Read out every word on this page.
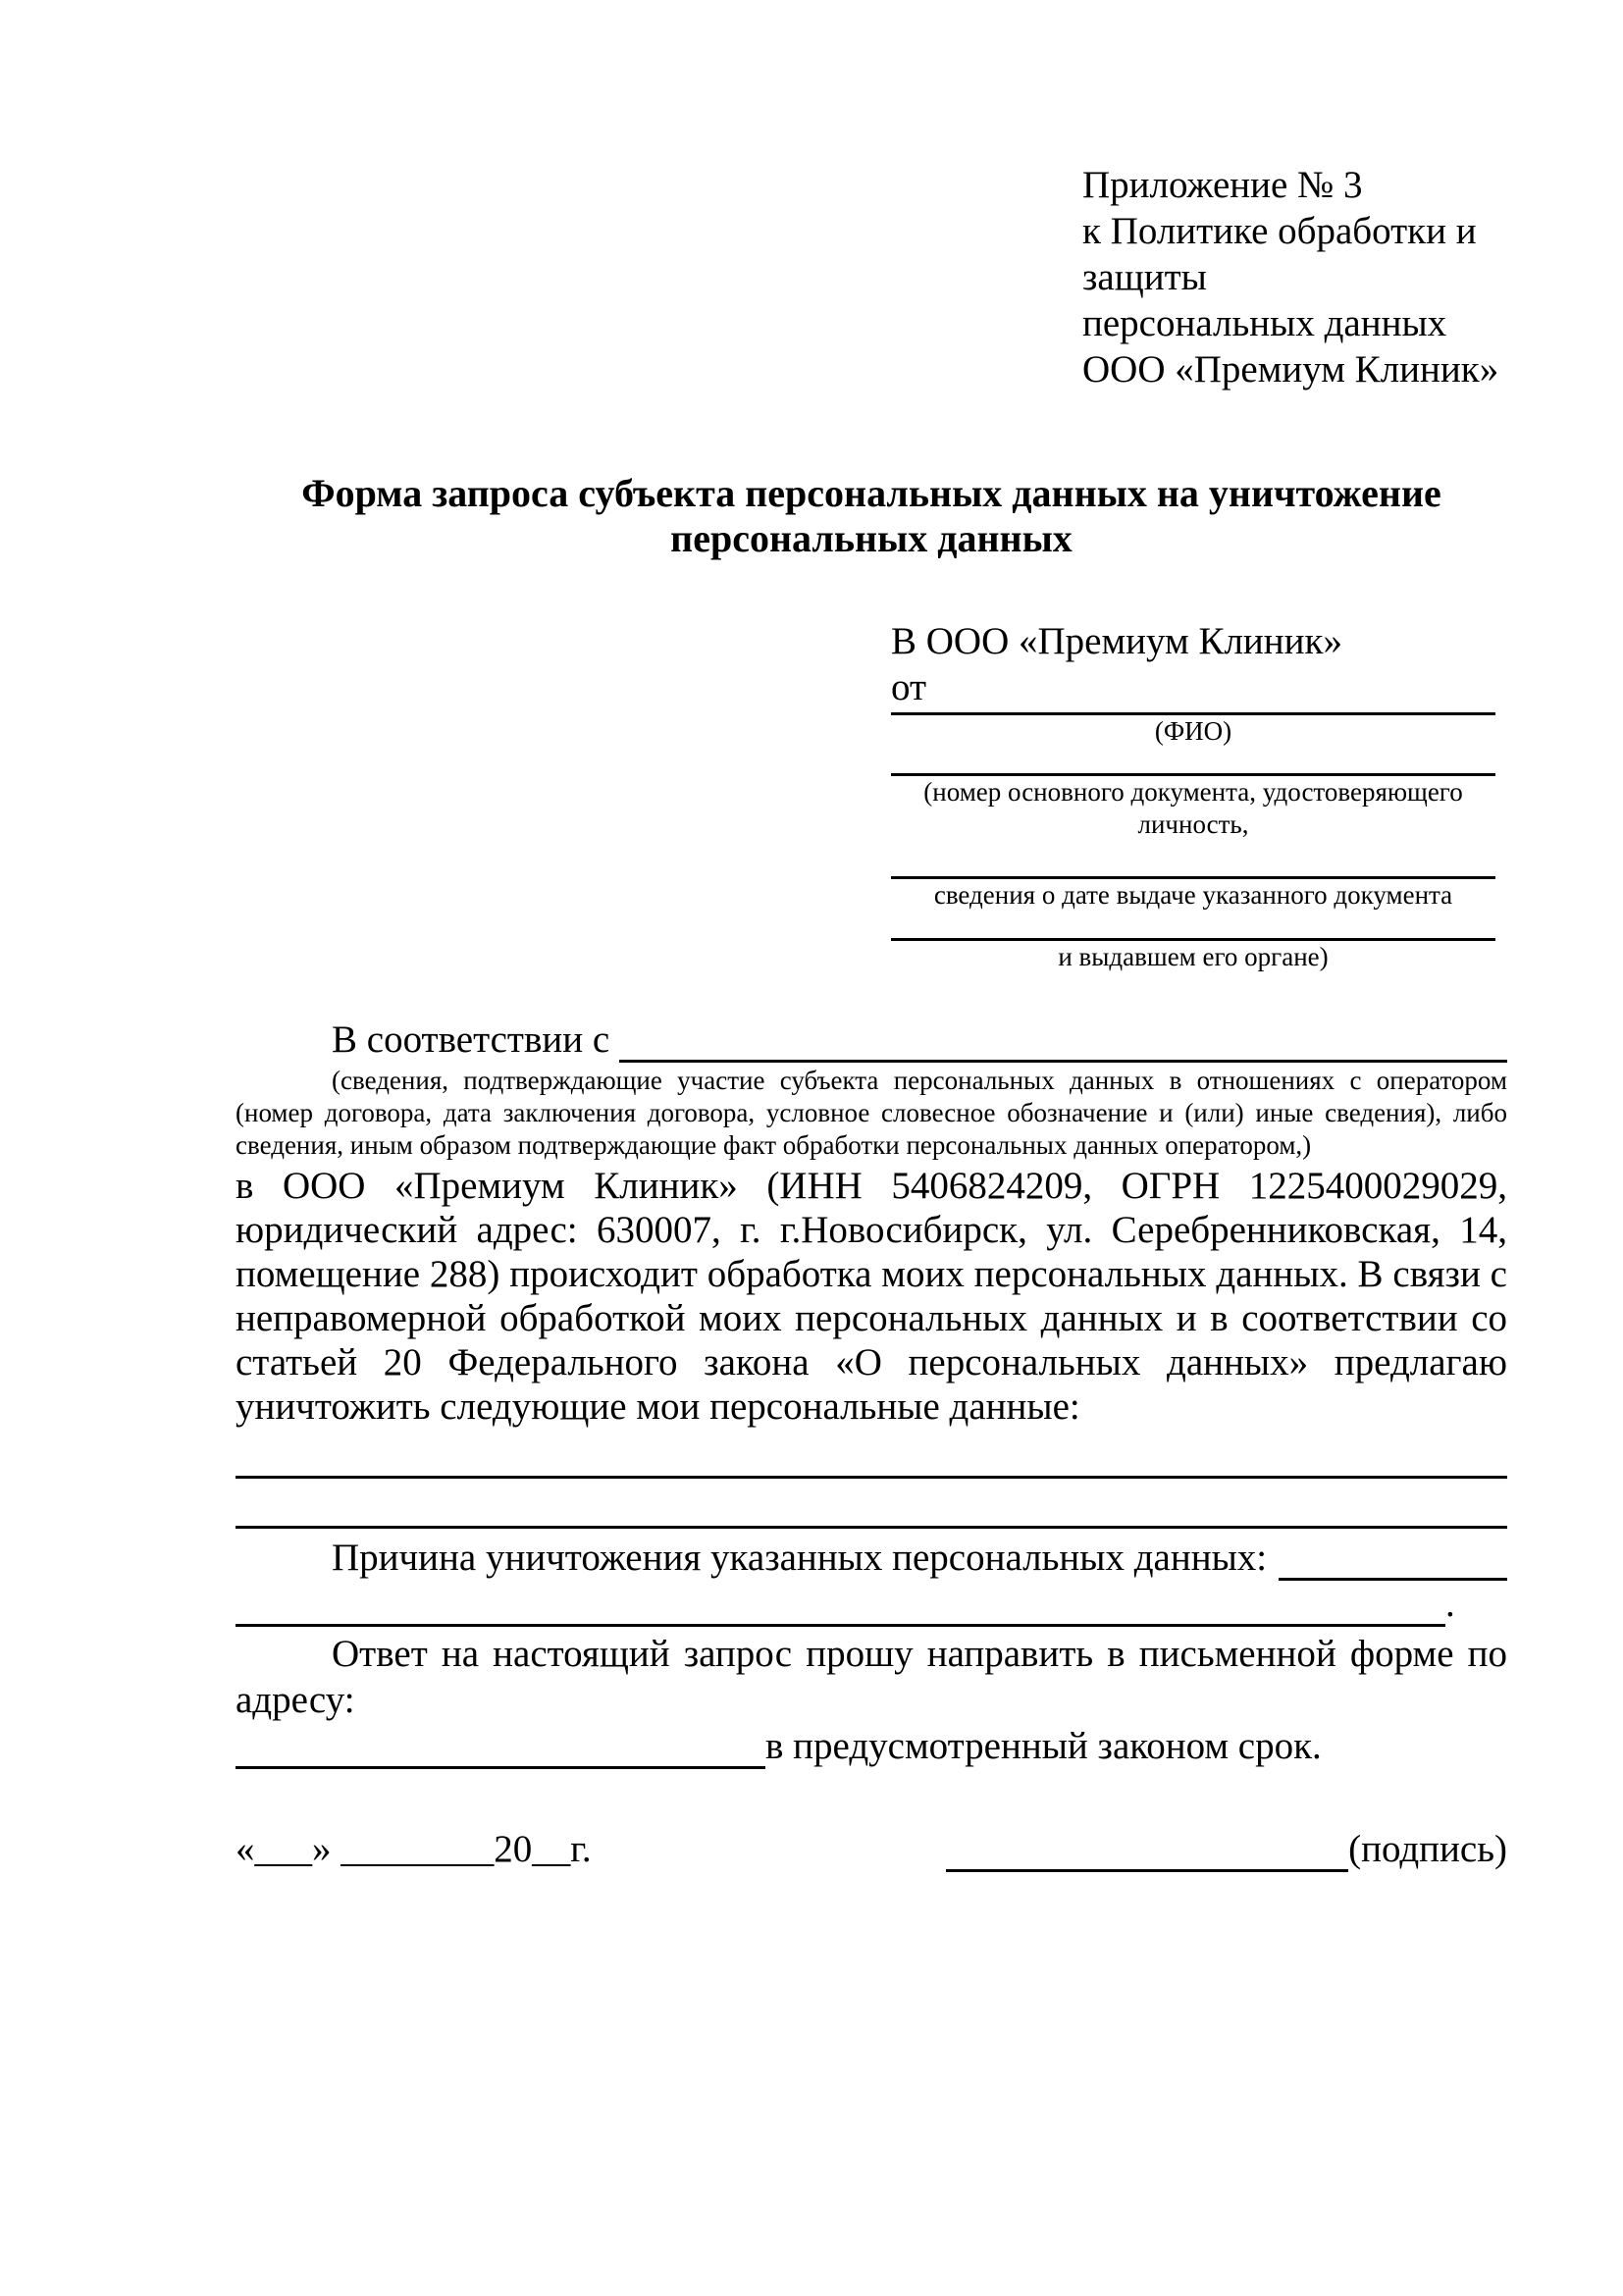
Приложение № 3
к Политике обработки и защиты
персональных данных
ООО «Премиум Клиник»
Форма запроса субъекта персональных данных на уничтожение персональных данных
В ООО «Премиум Клиник»
от
(ФИО)
(номер основного документа, удостоверяющего личность,
сведения о дате выдаче указанного документа
и выдавшем его органе)
В соответствии с
(сведения, подтверждающие участие субъекта персональных данных в отношениях с оператором (номер договора, дата заключения договора, условное словесное обозначение и (или) иные сведения), либо сведения, иным образом подтверждающие факт обработки персональных данных оператором,)

в ООО «Премиум Клиник» (ИНН 5406824209, ОГРН 1225400029029, юридический адрес: 630007, г. г.Новосибирск, ул. Серебренниковская, 14, помещение 288) происходит обработка моих персональных данных. В связи с неправомерной обработкой моих персональных данных и в соответствии со статьей 20 Федерального закона «О персональных данных» предлагаю уничтожить следующие мои персональные данные:

Причина уничтожения указанных персональных данных:
.
Ответ на настоящий запрос прошу направить в письменной форме по адресу:
в предусмотренный законом срок.
«___» ________20__г.	(подпись)
